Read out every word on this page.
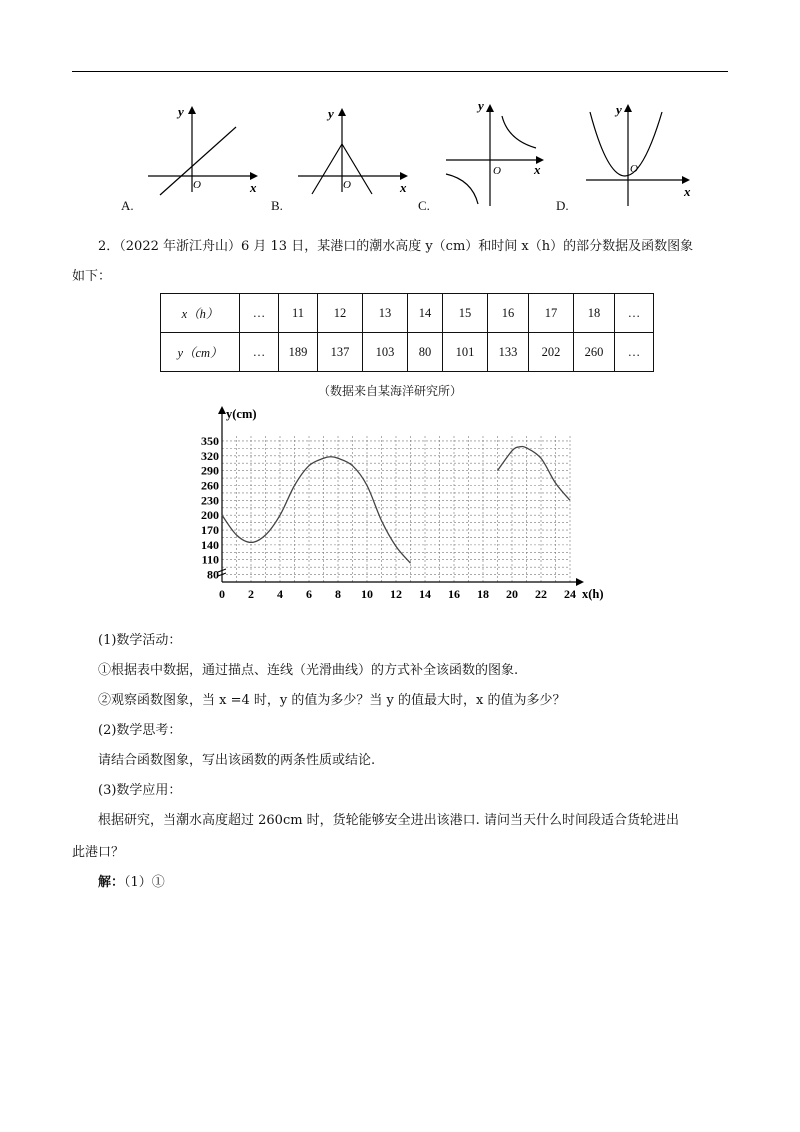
y
x
O
A.
y
x
O
B.
y
x
O
C.
y
x
O
D.
2．（2022 年浙江舟山）6 月 13 日，某港口的潮水高度 y（cm）和时间 x（h）的部分数据及函数图象
如下：
x（h）	…	11	12	13	14	15	16	17	18	…
y（cm）	…	189	137	103	80	101	133	202	260	…
（数据来自某海洋研究所）
0 2 4 6 8 10 12 14 16 18 20 22 24
80
110
140
170
200
230
260
290
320
350
y(cm)
x(h)
(1)数学活动：
①根据表中数据，通过描点、连线（光滑曲线）的方式补全该函数的图象.
②观察函数图象，当 x =4 时，y 的值为多少？当 y 的值最大时，x 的值为多少？
(2)数学思考：
请结合函数图象，写出该函数的两条性质或结论.
(3)数学应用：
根据研究，当潮水高度超过 260cm 时，货轮能够安全进出该港口. 请问当天什么时间段适合货轮进出
此港口？
解：（1）①
